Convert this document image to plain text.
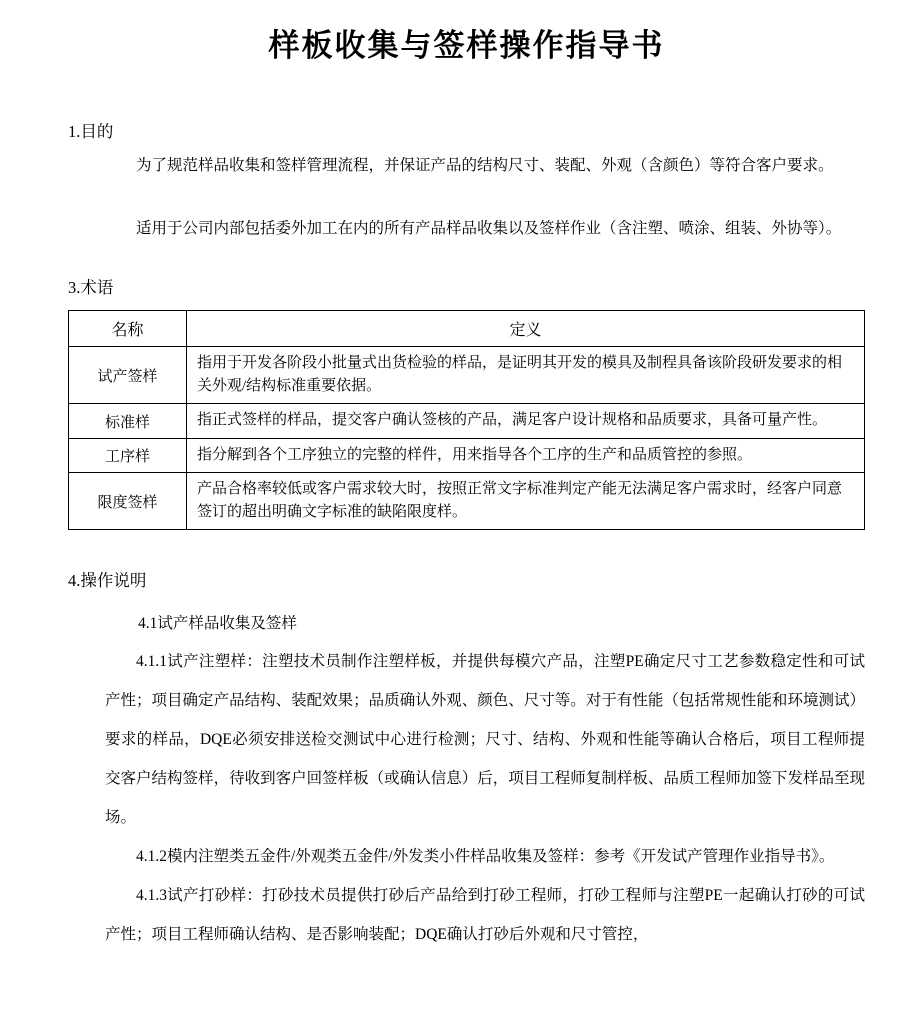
样板收集与签样操作指导书
1.目的

为了规范样品收集和签样管理流程，并保证产品的结构尺寸、装配、外观（含颜色）等符合客户要求。

适用于公司内部包括委外加工在内的所有产品样品收集以及签样作业（含注塑、喷涂、组装、外协等）。

3.术语
名称	定义
试产签样	指用于开发各阶段小批量式出货检验的样品，是证明其开发的模具及制程具备该阶段研发要求的相关外观/结构标准重要依据。
标准样	指正式签样的样品，提交客户确认签核的产品，满足客户设计规格和品质要求，具备可量产性。
工序样	指分解到各个工序独立的完整的样件，用来指导各个工序的生产和品质管控的参照。
限度签样	产品合格率较低或客户需求较大时，按照正常文字标准判定产能无法满足客户需求时，经客户同意签订的超出明确文字标准的缺陷限度样。
4.操作说明

4.1试产样品收集及签样

4.1.1试产注塑样：注塑技术员制作注塑样板，并提供每模穴产品，注塑PE确定尺寸工艺参数稳定性和可试产性；项目确定产品结构、装配效果；品质确认外观、颜色、尺寸等。对于有性能（包括常规性能和环境测试）要求的样品，DQE必须安排送检交测试中心进行检测；尺寸、结构、外观和性能等确认合格后，项目工程师提交客户结构签样，待收到客户回签样板（或确认信息）后，项目工程师复制样板、品质工程师加签下发样品至现场。

4.1.2模内注塑类五金件/外观类五金件/外发类小件样品收集及签样：参考《开发试产管理作业指导书》。

4.1.3试产打砂样：打砂技术员提供打砂后产品给到打砂工程师，打砂工程师与注塑PE一起确认打砂的可试产性；项目工程师确认结构、是否影响装配；DQE确认打砂后外观和尺寸管控，
